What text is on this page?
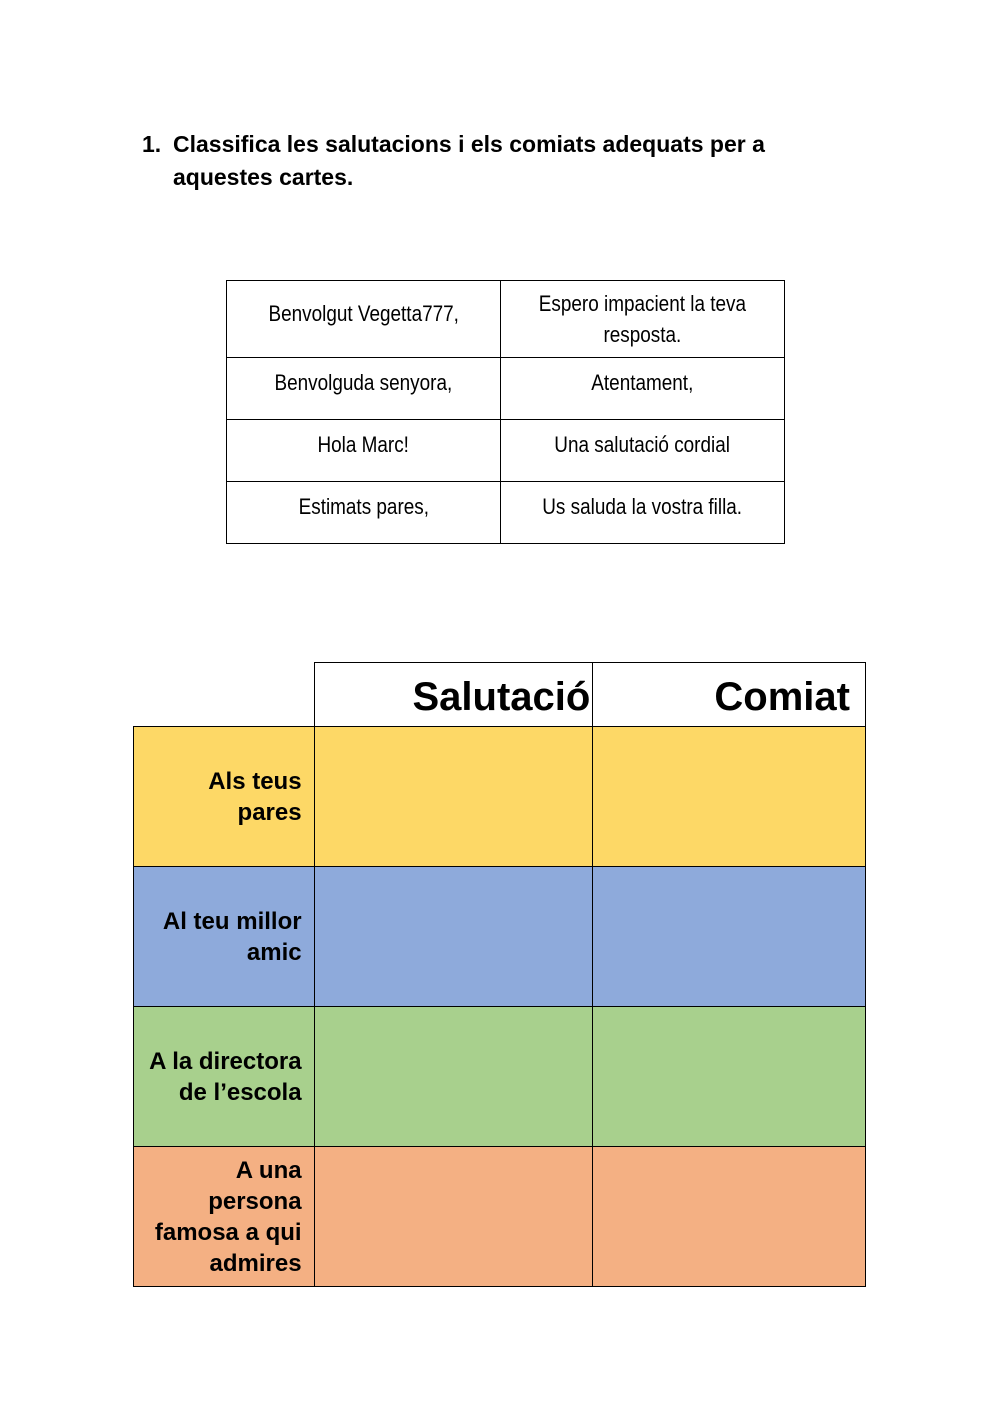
1. Classifica les salutacions i els comiats adequats per a aquestes cartes.
Benvolgut Vegetta777,	Espero impacient la teva resposta.
Benvolguda senyora,	Atentament,
Hola Marc!	Una salutació cordial
Estimats pares,	Us saluda la vostra filla.
	Salutació	Comiat
Als teus pares		
Al teu millor amic		
A la directora de l’escola		
A una persona famosa a qui admires		
